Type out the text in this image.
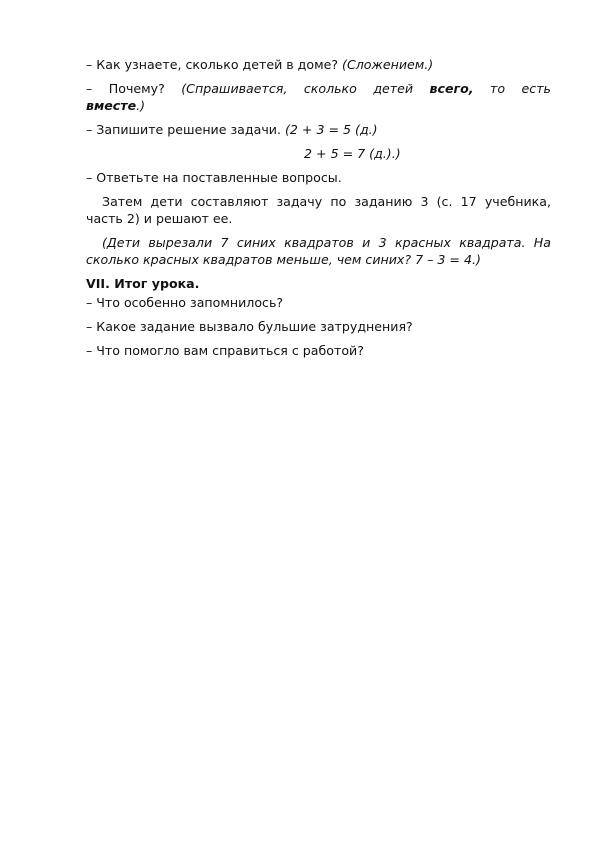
– Как узнаете, сколько детей в доме? (Сложением.)

– Почему? (Спрашивается, сколько детей всего, то есть вместе.)

– Запишите решение задачи. (2 + 3 = 5 (д.)

2 + 5 = 7 (д.).)

– Ответьте на поставленные вопросы.

Затем дети составляют задачу по заданию 3 (с. 17 учебника, часть 2) и решают ее.

(Дети вырезали 7 синих квадратов и 3 красных квадрата. На сколько красных квадратов меньше, чем синих? 7 – 3 = 4.)

VII. Итог урока.

– Что особенно запомнилось?

– Какое задание вызвало бульшие затруднения?

– Что помогло вам справиться с работой?
